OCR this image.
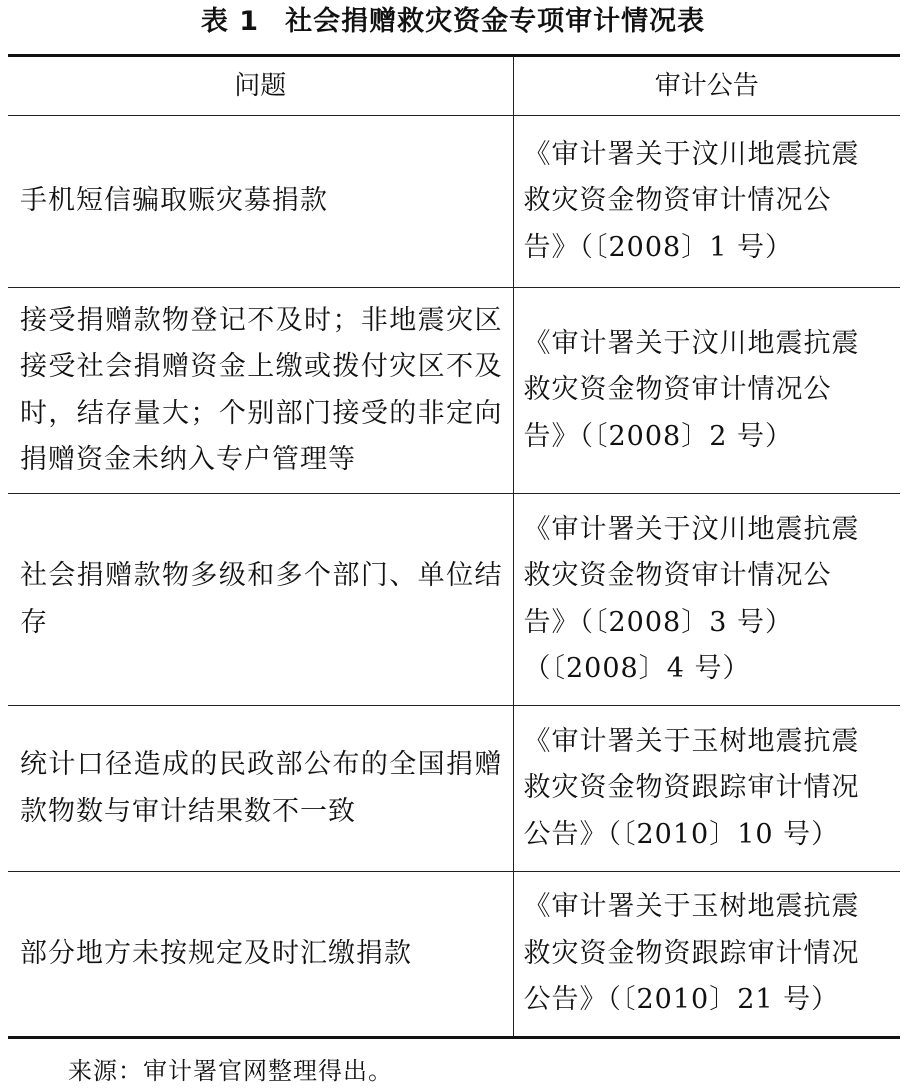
表 1 社会捐赠救灾资金专项审计情况表
问题	审计公告
手机短信骗取赈灾募捐款	《审计署关于汶川地震抗震
救灾资金物资审计情况公
告》（〔2008〕1 号）

接受捐赠款物登记不及时；非地震灾区接受社会捐赠资金上缴或拨付灾区不及时，结存量大；个别部门接受的非定向捐赠资金未纳入专户管理等	《审计署关于汶川地震抗震
救灾资金物资审计情况公
告》（〔2008〕2 号）

社会捐赠款物多级和多个部门、单位结存	《审计署关于汶川地震抗震
救灾资金物资审计情况公
告》（〔2008〕3 号）
（〔2008〕4 号）

统计口径造成的民政部公布的全国捐赠款物数与审计结果数不一致	《审计署关于玉树地震抗震
救灾资金物资跟踪审计情况
公告》（〔2010〕10 号）

部分地方未按规定及时汇缴捐款	《审计署关于玉树地震抗震
救灾资金物资跟踪审计情况
公告》（〔2010〕21 号）
来源：审计署官网整理得出。
